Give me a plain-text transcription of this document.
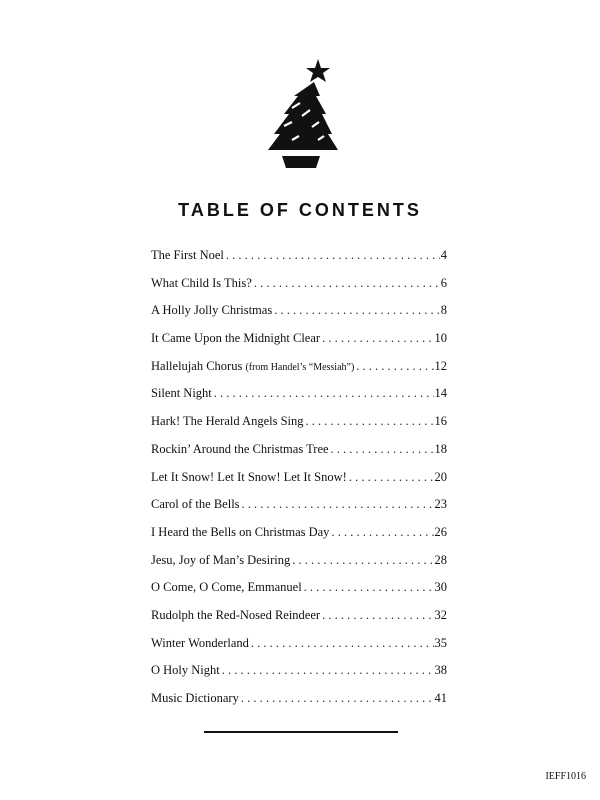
TABLE OF CONTENTS
The First Noel . . .	4
What Child Is This? . . .	6
A Holly Jolly Christmas . . .	8
It Came Upon the Midnight Clear . . .	10
Hallelujah Chorus (from Handel’s “Messiah”) . . .	12
Silent Night . . .	14
Hark! The Herald Angels Sing . . .	16
Rockin’ Around the Christmas Tree . . .	18
Let It Snow! Let It Snow! Let It Snow! . . .	20
Carol of the Bells . . .	23
I Heard the Bells on Christmas Day . . .	26
Jesu, Joy of Man’s Desiring . . .	28
O Come, O Come, Emmanuel . . .	30
Rudolph the Red-Nosed Reindeer . . .	32
Winter Wonderland . . .	35
O Holy Night . . .	38
Music Dictionary . . .	41
IEFF1016
